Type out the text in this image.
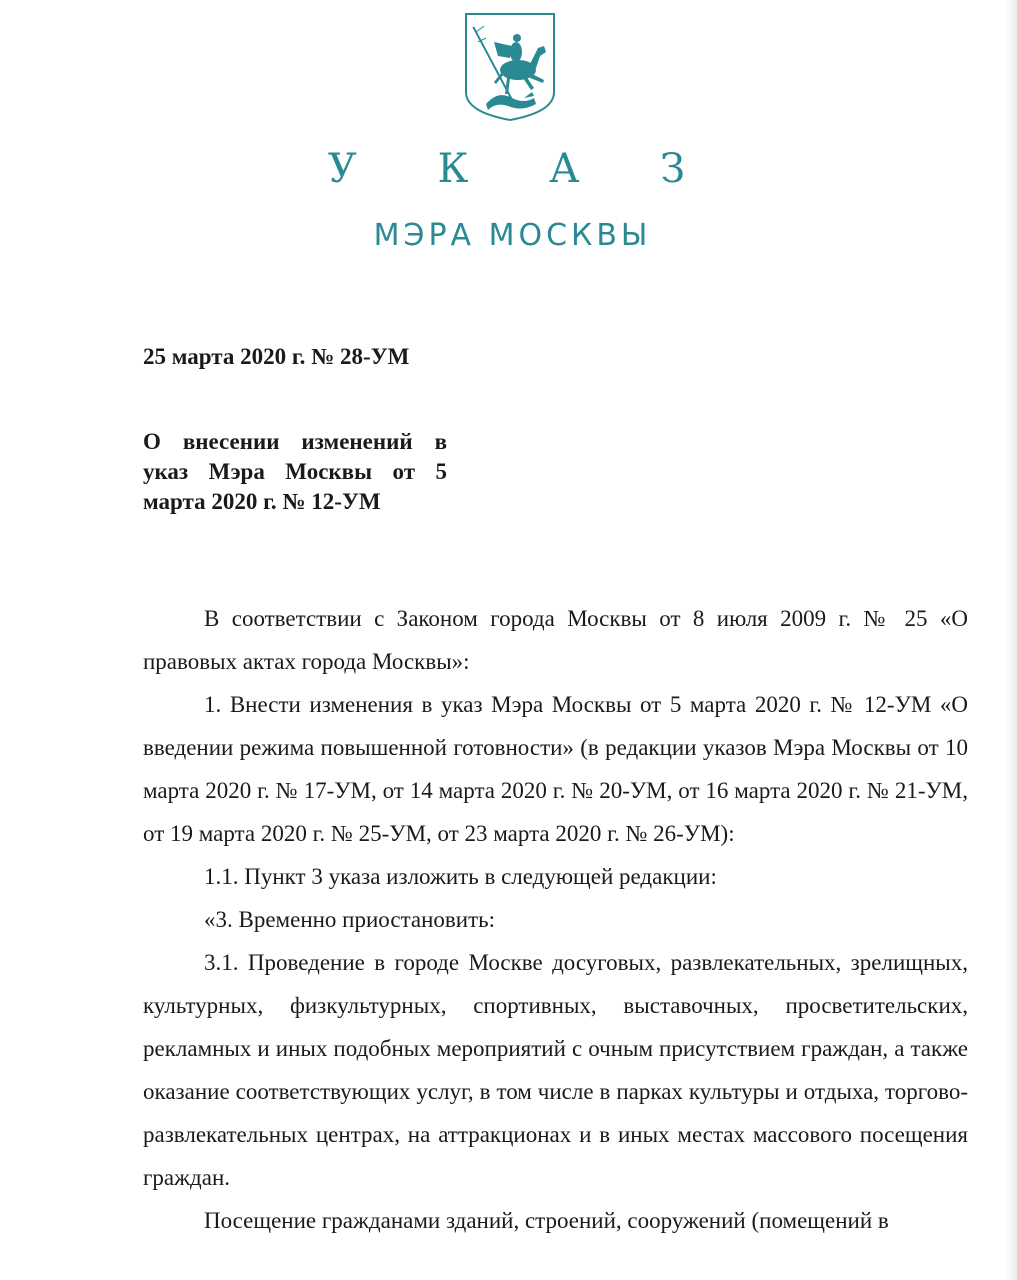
У К А З
МЭРА МОСКВЫ
25 марта 2020 г. № 28-УМ
О внесении изменений в
указ Мэра Москвы от 5

марта 2020 г. № 12-УМ

В соответствии с Законом города Москвы от 8 июля 2009 г. № 25 «О правовых актах города Москвы»:

1. Внести изменения в указ Мэра Москвы от 5 марта 2020 г. № 12-УМ «О введении режима повышенной готовности» (в редакции указов Мэра Москвы от 10 марта 2020 г. № 17-УМ, от 14 марта 2020 г. № 20-УМ, от 16 марта 2020 г. № 21-УМ, от 19 марта 2020 г. № 25-УМ, от 23 марта 2020 г. № 26-УМ):

1.1. Пункт 3 указа изложить в следующей редакции:

«3. Временно приостановить:

3.1. Проведение в городе Москве досуговых, развлекательных, зрелищных, культурных, физкультурных, спортивных, выставочных, просветительских, рекламных и иных подобных мероприятий с очным присутствием граждан, а также оказание соответствующих услуг, в том числе в парках культуры и отдыха, торгово-развлекательных центрах, на аттракционах и в иных местах массового посещения граждан.

Посещение гражданами зданий, строений, сооружений (помещений в
